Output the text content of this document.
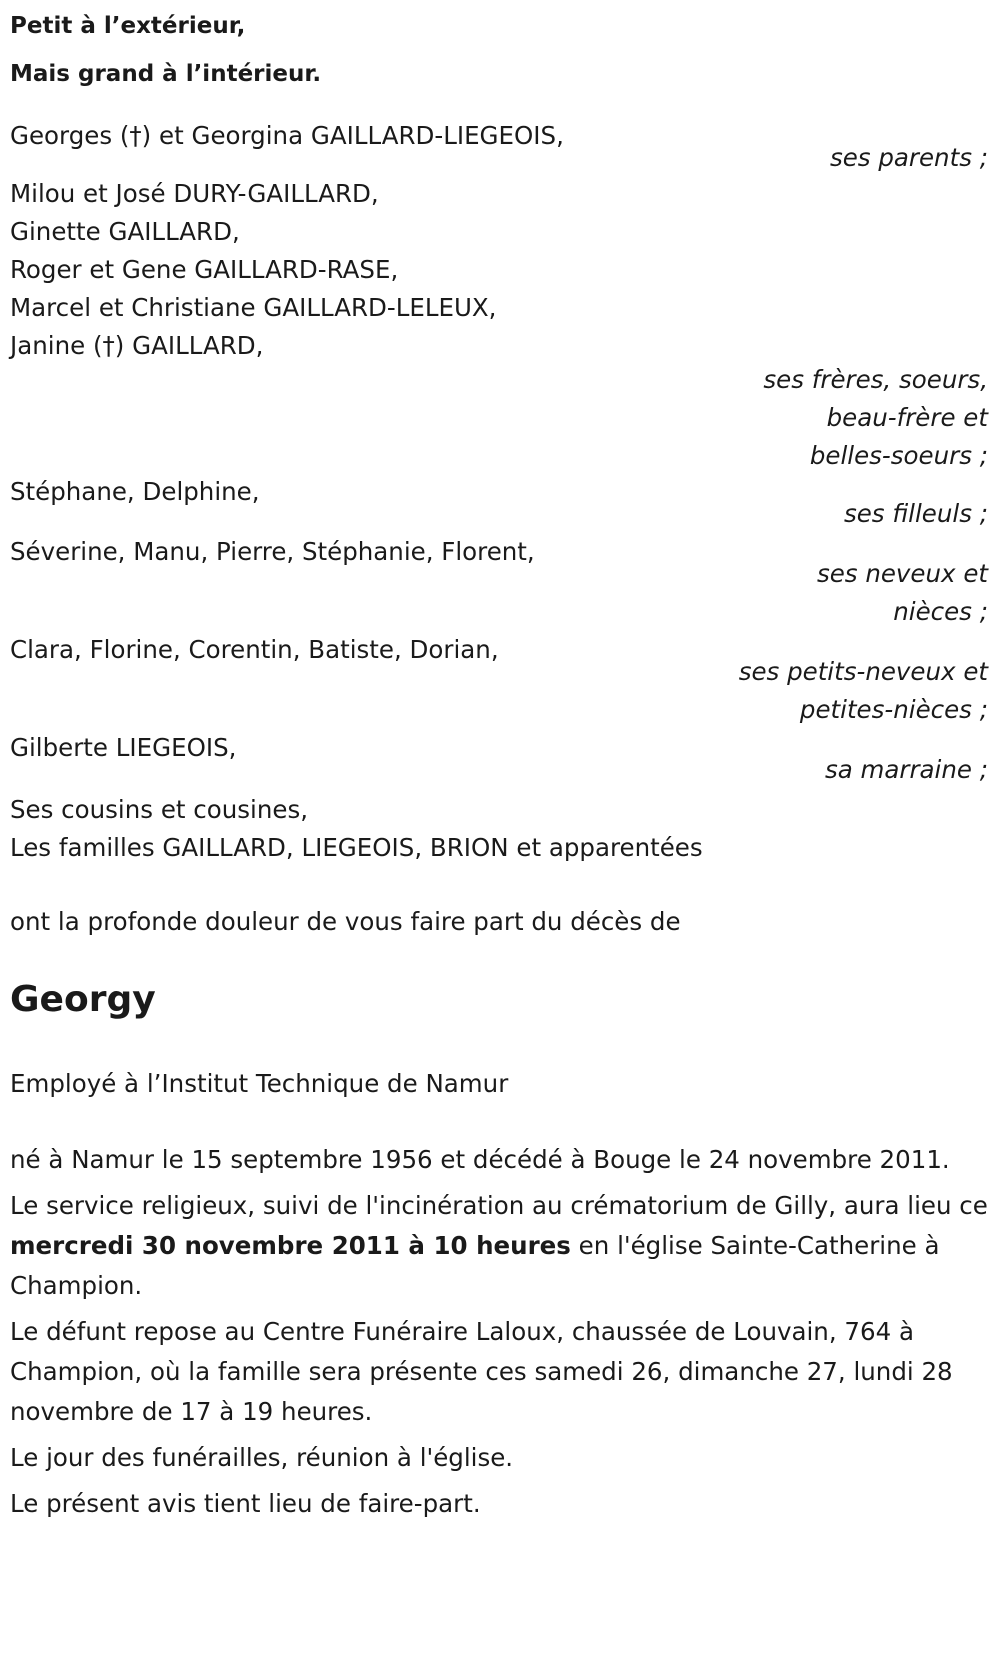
Petit à l’extérieur,
Mais grand à l’intérieur.
Georges (†) et Georgina GAILLARD-LIEGEOIS,
ses parents ;
Milou et José DURY-GAILLARD,
Ginette GAILLARD,
Roger et Gene GAILLARD-RASE,
Marcel et Christiane GAILLARD-LELEUX,
Janine (†) GAILLARD,
ses frères, soeurs,
beau-frère et
belles-soeurs ;
Stéphane, Delphine,
ses filleuls ;
Séverine, Manu, Pierre, Stéphanie, Florent,
ses neveux et
nièces ;
Clara, Florine, Corentin, Batiste, Dorian,
ses petits-neveux et
petites-nièces ;
Gilberte LIEGEOIS,
sa marraine ;
Ses cousins et cousines,
Les familles GAILLARD, LIEGEOIS, BRION et apparentées
ont la profonde douleur de vous faire part du décès de
Georgy
Employé à l’Institut Technique de Namur
né à Namur le 15 septembre 1956 et décédé à Bouge le 24 novembre 2011.
Le service religieux, suivi de l'incinération au crématorium de Gilly, aura lieu ce mercredi 30 novembre 2011 à 10 heures en l'église Sainte-Catherine à Champion.
Le défunt repose au Centre Funéraire Laloux, chaussée de Louvain, 764 à Champion, où la famille sera présente ces samedi 26, dimanche 27, lundi 28 novembre de 17 à 19 heures.
Le jour des funérailles, réunion à l'église.
Le présent avis tient lieu de faire-part.
